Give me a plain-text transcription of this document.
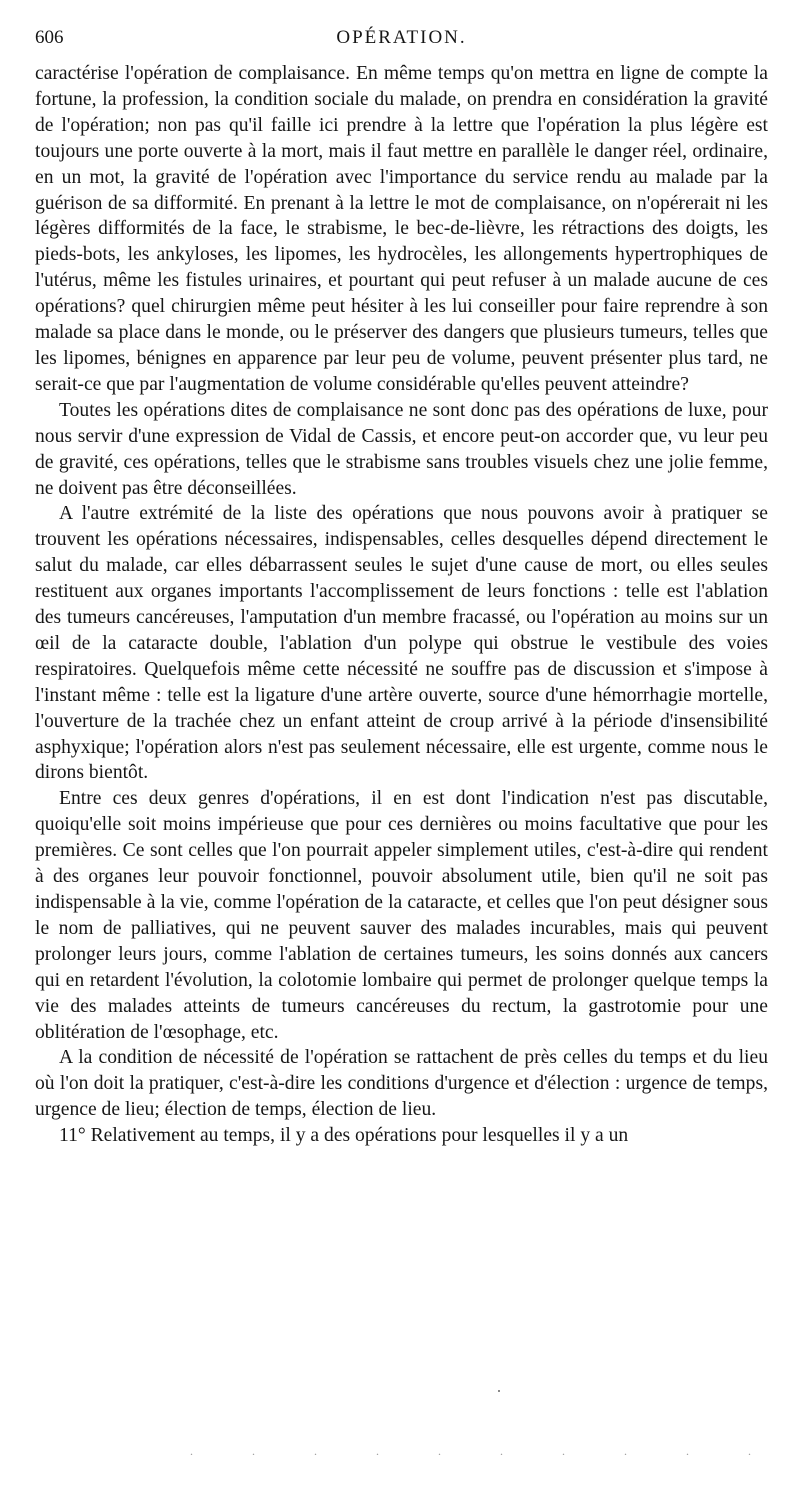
606	OPÉRATION.

caractérise l'opération de complaisance. En même temps qu'on mettra en ligne de compte la fortune, la profession, la condition sociale du malade, on prendra en considération la gravité de l'opération; non pas qu'il faille ici prendre à la lettre que l'opération la plus légère est toujours une porte ouverte à la mort, mais il faut mettre en parallèle le danger réel, ordinaire, en un mot, la gravité de l'opération avec l'importance du service rendu au malade par la guérison de sa difformité. En prenant à la lettre le mot de complaisance, on n'opérerait ni les légères difformités de la face, le strabisme, le bec-de-lièvre, les rétractions des doigts, les pieds-bots, les ankyloses, les lipomes, les hydrocèles, les allongements hypertrophiques de l'utérus, même les fistules urinaires, et pourtant qui peut refuser à un malade aucune de ces opérations? quel chirurgien même peut hésiter à les lui conseiller pour faire reprendre à son malade sa place dans le monde, ou le préserver des dangers que plusieurs tumeurs, telles que les lipomes, bénignes en apparence par leur peu de volume, peuvent présenter plus tard, ne serait-ce que par l'augmentation de volume considérable qu'elles peuvent atteindre?

Toutes les opérations dites de complaisance ne sont donc pas des opérations de luxe, pour nous servir d'une expression de Vidal de Cassis, et encore peut-on accorder que, vu leur peu de gravité, ces opérations, telles que le strabisme sans troubles visuels chez une jolie femme, ne doivent pas être déconseillées.

A l'autre extrémité de la liste des opérations que nous pouvons avoir à pratiquer se trouvent les opérations nécessaires, indispensables, celles desquelles dépend directement le salut du malade, car elles débarrassent seules le sujet d'une cause de mort, ou elles seules restituent aux organes importants l'accomplissement de leurs fonctions : telle est l'ablation des tumeurs cancéreuses, l'amputation d'un membre fracassé, ou l'opération au moins sur un œil de la cataracte double, l'ablation d'un polype qui obstrue le vestibule des voies respiratoires. Quelquefois même cette nécessité ne souffre pas de discussion et s'impose à l'instant même : telle est la ligature d'une artère ouverte, source d'une hémorrhagie mortelle, l'ouverture de la trachée chez un enfant atteint de croup arrivé à la période d'insensibilité asphyxique; l'opération alors n'est pas seulement nécessaire, elle est urgente, comme nous le dirons bientôt.

Entre ces deux genres d'opérations, il en est dont l'indication n'est pas discutable, quoiqu'elle soit moins impérieuse que pour ces dernières ou moins facultative que pour les premières. Ce sont celles que l'on pourrait appeler simplement utiles, c'est-à-dire qui rendent à des organes leur pouvoir fonctionnel, pouvoir absolument utile, bien qu'il ne soit pas indispensable à la vie, comme l'opération de la cataracte, et celles que l'on peut désigner sous le nom de palliatives, qui ne peuvent sauver des malades incurables, mais qui peuvent prolonger leurs jours, comme l'ablation de certaines tumeurs, les soins donnés aux cancers qui en retardent l'évolution, la colotomie lombaire qui permet de prolonger quelque temps la vie des malades atteints de tumeurs cancéreuses du rectum, la gastrotomie pour une oblitération de l'œsophage, etc.

A la condition de nécessité de l'opération se rattachent de près celles du temps et du lieu où l'on doit la pratiquer, c'est-à-dire les conditions d'urgence et d'élection : urgence de temps, urgence de lieu; élection de temps, élection de lieu.

11° Relativement au temps, il y a des opérations pour lesquelles il y a un

. . . . . . . . . .
